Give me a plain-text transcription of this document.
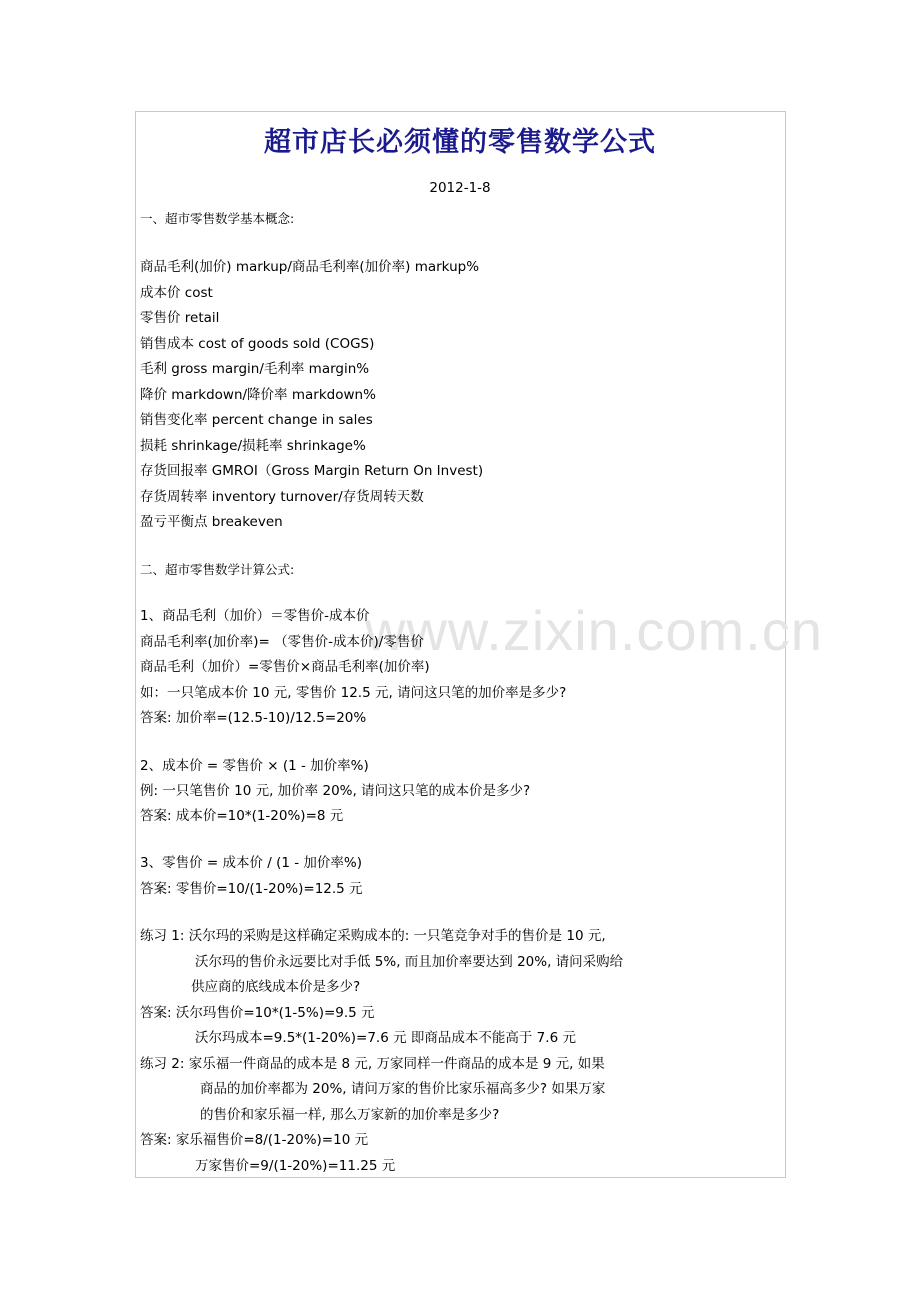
www.zixin.com.cn
超市店长必须懂的零售数学公式
2012-1-8
一、超市零售数学基本概念:
商品毛利(加价) markup/商品毛利率(加价率) markup%
成本价 cost
零售价 retail
销售成本 cost of goods sold (COGS)
毛利 gross margin/毛利率 margin%
降价 markdown/降价率 markdown%
销售变化率 percent change in sales
损耗 shrinkage/损耗率 shrinkage%
存货回报率 GMROI（Gross Margin Return On Invest)
存货周转率 inventory turnover/存货周转天数
盈亏平衡点 breakeven
二、超市零售数学计算公式:
1、商品毛利（加价）＝零售价-成本价
商品毛利率(加价率)= （零售价-成本价)/零售价
商品毛利（加价）=零售价×商品毛利率(加价率)
如：一只笔成本价 10 元, 零售价 12.5 元, 请问这只笔的加价率是多少?
答案: 加价率=(12.5-10)/12.5=20%
2、成本价 = 零售价 × (1 - 加价率%)
例: 一只笔售价 10 元, 加价率 20%, 请问这只笔的成本价是多少?
答案: 成本价=10*(1-20%)=8 元
3、零售价 = 成本价 / (1 - 加价率%)
答案: 零售价=10/(1-20%)=12.5 元
练习 1: 沃尔玛的采购是这样确定采购成本的: 一只笔竞争对手的售价是 10 元,
沃尔玛的售价永远要比对手低 5%, 而且加价率要达到 20%, 请问采购给
供应商的底线成本价是多少?
答案: 沃尔玛售价=10*(1-5%)=9.5 元
沃尔玛成本=9.5*(1-20%)=7.6 元 即商品成本不能高于 7.6 元
练习 2: 家乐福一件商品的成本是 8 元, 万家同样一件商品的成本是 9 元, 如果
商品的加价率都为 20%, 请问万家的售价比家乐福高多少? 如果万家
的售价和家乐福一样, 那么万家新的加价率是多少?
答案: 家乐福售价=8/(1-20%)=10 元
万家售价=9/(1-20%)=11.25 元
